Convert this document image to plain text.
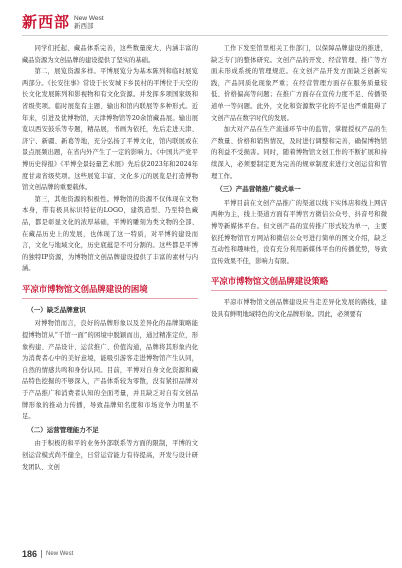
新西部 New West
新西部

同学们托起、藏品体系完善，这些数量庞大、内涵丰富的藏品资源为文创品牌的建设提供了坚实的基础。

第二，展览资源多样。平博展览分为基本陈列和临时展览两部分。《长安往事》常设于长安城下乡民村的平博位于天空的长文化发展陈列和影视物和有文化资源。并发挥多项国家级和省级奖项。临时展览有主题、输出和馆内联展等多种形式。近年来，引进及优博物馆，天津博物馆等20余馆藏品展。输出展览以西安鼓乐等专题，精品展，书画为依托，先后走进天津、济宁、新疆、新葛等地，充分弘扬了平博文化，馆内联展或在景点展频出题，在省内外产生了一定的影响力。《中国共产党平博历史得报》《平博全景轻量艺术展》先后获2023年和2024年度甘肃省级奖项。这些展览丰富、文化多元的展览是打造博物馆文创品牌的重要载体。

第三，其他资源的积极性。博物馆的资源不仅体现在文物本身，带有极具标识特征的LOGO，建筑造型、乃至特色藏品，都是彰显文化的浓厚基础，平博的雕刻为类文物的全部、在藏品历史上的发展，也体现了这一特质，对平博的建设而言，文化与地域文化，历史底蕴是不可分割的。这些都是平博的独特IP资源，为博物馆文创品牌建设提供了丰富的素材与内涵。

平凉市博物馆文创品牌建设的困境
（一）缺乏品牌意识

对博物馆而言，良好的品牌形象以及差异化的品牌策略能提博物馆从“千馆一面”的困境中脱颖而出，通过精准定位，形象构建、产品设计、运营推广、价值沟通，品牌将其形象内化为消费者心中的美好意境，能吸引游客走进博物馆产生认同，自然的情感共鸣和身份认同。目前，平博对自身文化资源和藏品特色挖掘的不够深入，产品体系较为零散，没有紧扣品牌对于产品推广和消费者认知的全面考量，并且缺乏对自有文创品牌形象的推动力传播，导致品牌知名度和市场竞争力明显不足。

（二）运营管理能力不足

由于积极的和平的业务外部联系等方面的限制，平博的文创运营模式尚不健全，日常运营能力有待提高，开发与设计研发团队、文创

工作下发至馆里相关工作部门，以保障品牌建设的推进，缺乏专门的整体研究。文创产品的开发、经营管理、推广等方面未形成系统的管理规范。在文创产品开发方面缺乏创新实践，产品同质化现象严重；在经营管理方面存在服务质量较低、价格偏高等问题；在推广方面存在宣传力度不足、传播渠道单一等问题。此外，文化和资源数字化的不足也严重阻碍了文创产品在数字时代的发展。

加大对产品在生产流通环节中的监管，掌握授权产品的生产数量、价格和销售情况，及时进行调整和完善，确保博物馆的利益不受损害。同时，随着博物馆文创工作的不断扩展和持续深入，必须要制定更为完善的规章制度来进行文创运营和管理工作。

（三）产品营销推广模式单一

平博目前在文创产品推广的渠道以线下实体店和线上网店两种为主，线上渠道方面有平博官方微信公众号、抖音号和微博等新媒体平台。但文创产品的宣传推广形式较为单一，主要依托博物馆官方网站和微信公众号进行简单的图文介绍，缺乏互动性和趣味性，没有充分利用新媒体平台的传播优势，导致宣传效果不佳，影响力有限。

平凉市博物馆文创品牌建设策略

平凉市博物馆文创品牌建设应当走差异化发展的路线，建设具有鲜明地域特色的文化品牌形象。因此，必须要有

186 New West
